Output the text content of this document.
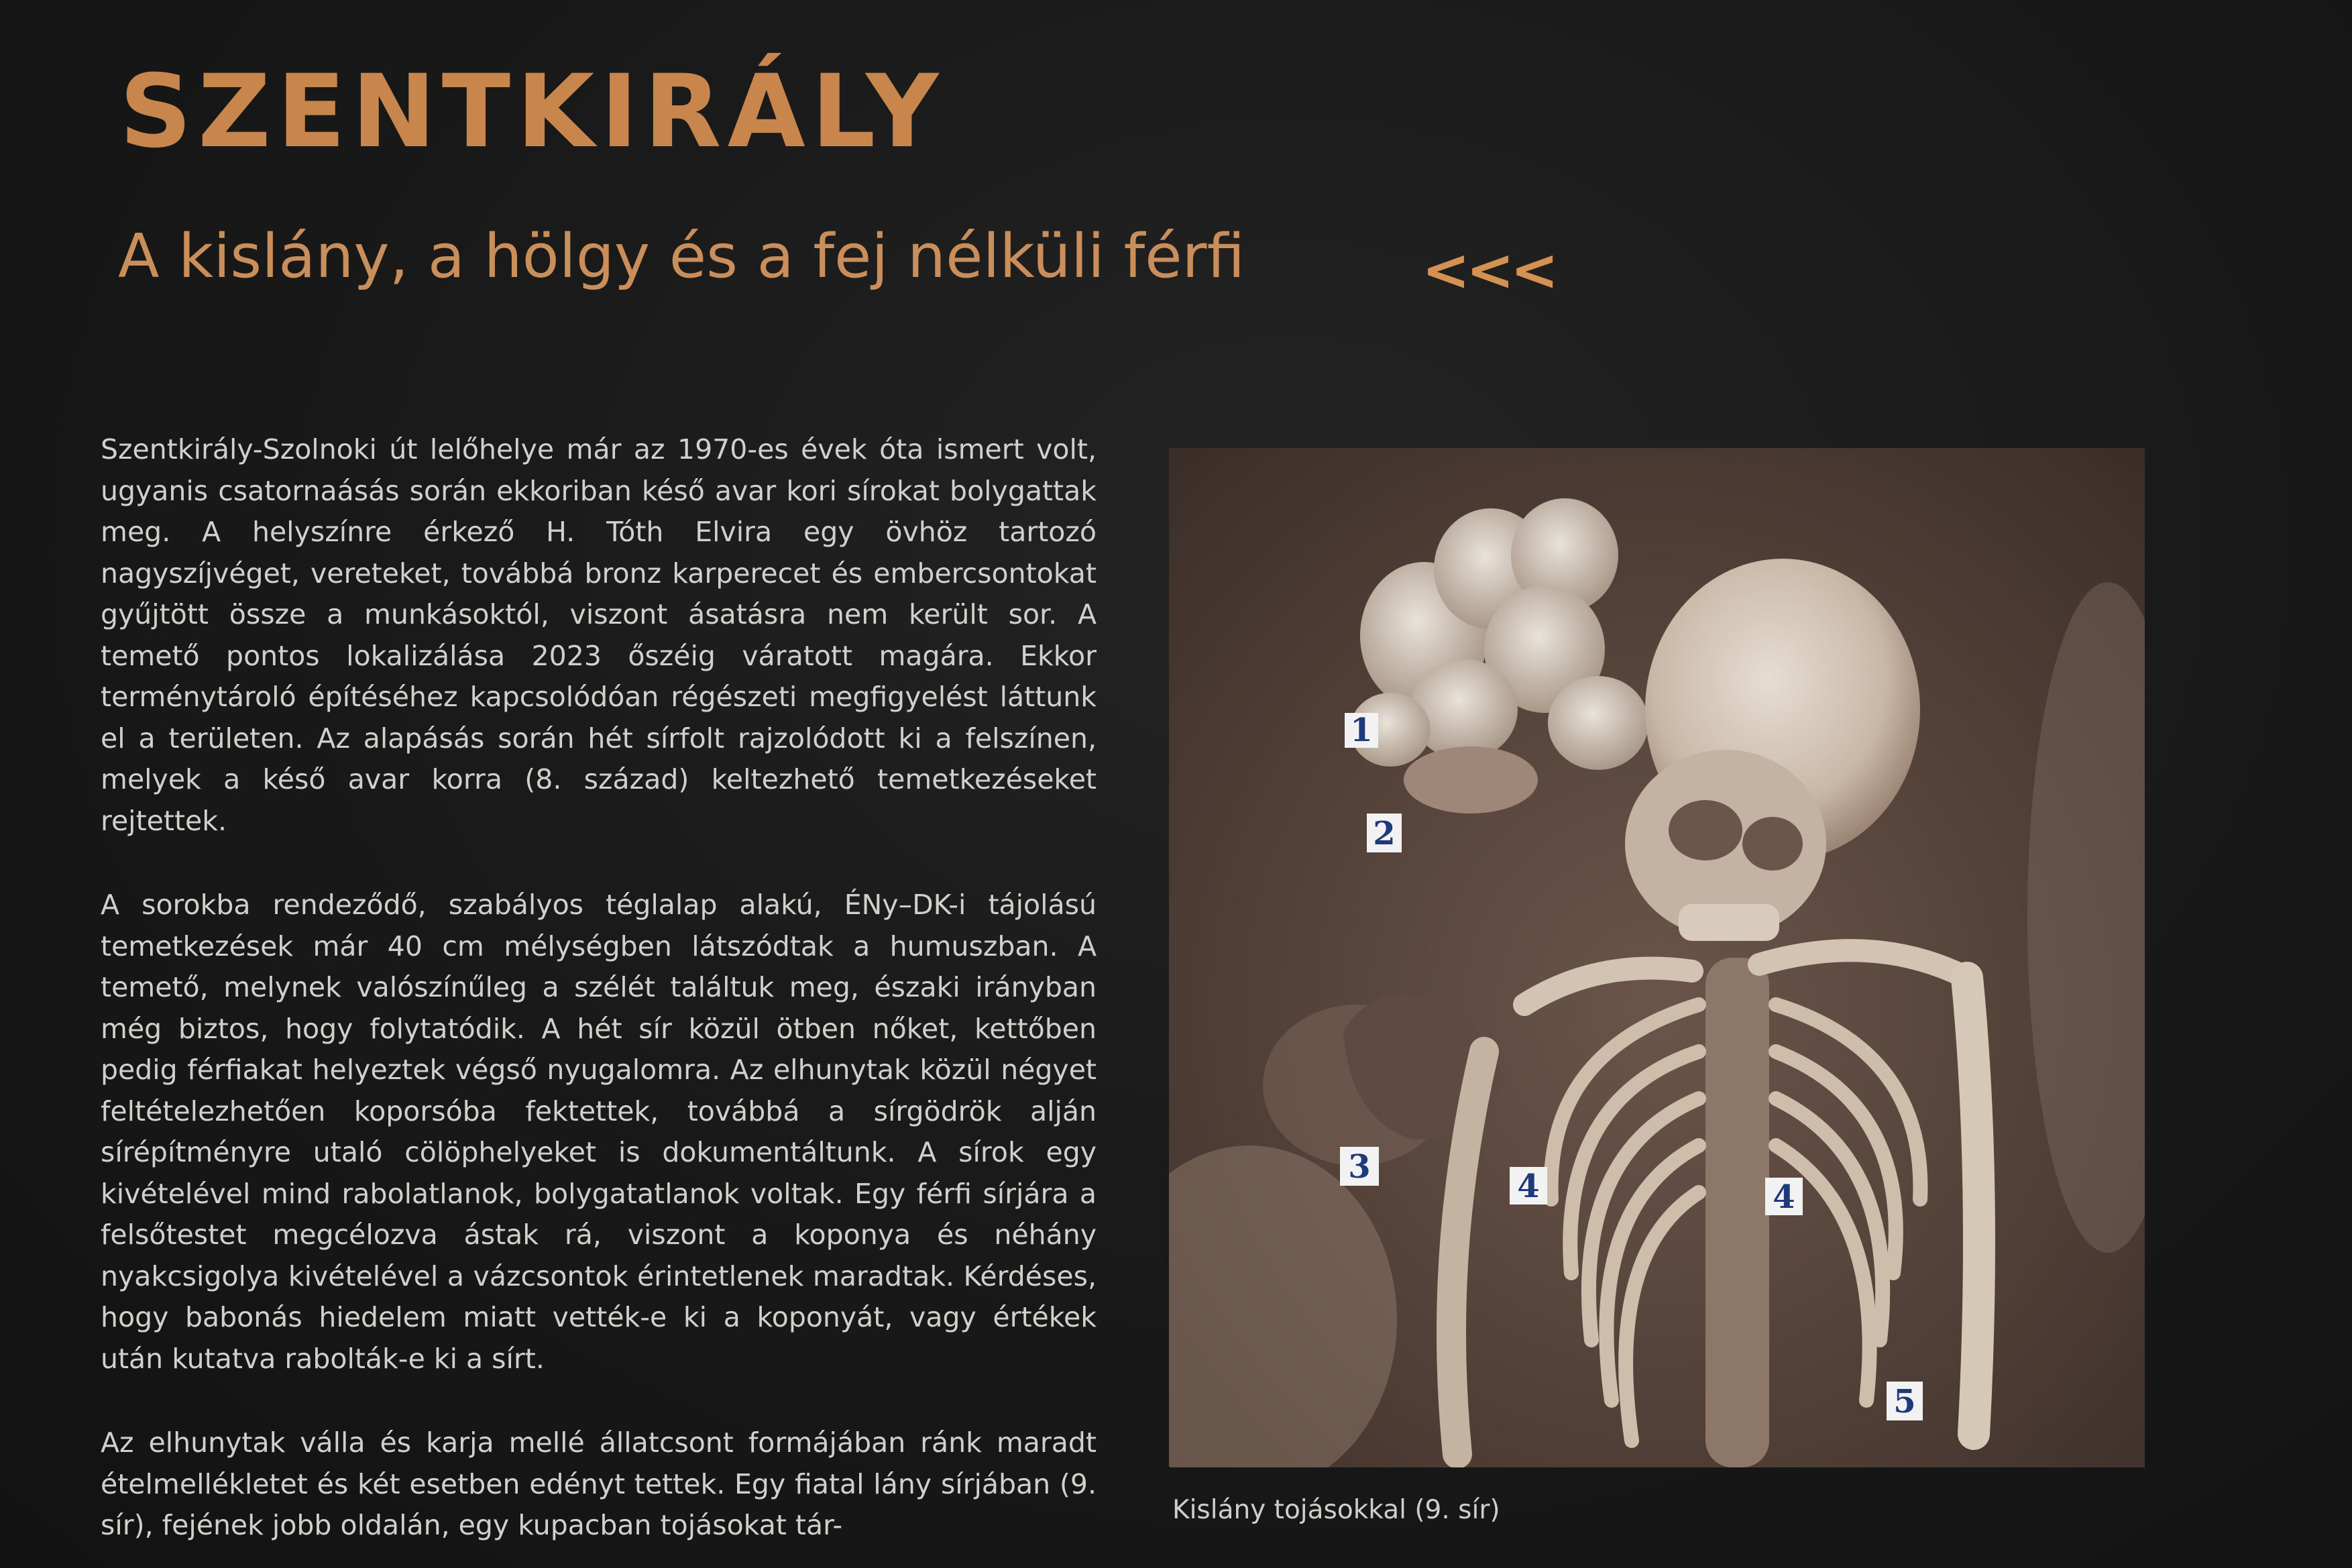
SZENTKIRÁLY
A kislány, a hölgy és a fej nélküli férfi	<<<

Szentkirály-Szolnoki út lelőhelye már az 1970-es évek óta ismert volt, ugyanis csatornaásás során ekkoriban késő avar kori sírokat bolygattak meg. A helyszínre érkező H. Tóth Elvira egy övhöz tartozó nagyszíjvéget, vereteket, továbbá bronz karperecet és embercsontokat gyűjtött össze a munkásoktól, viszont ásatásra nem került sor. A temető pontos lokalizálása 2023 őszéig váratott magára. Ekkor terménytároló építéséhez kapcsolódóan régészeti megfigyelést láttunk el a területen. Az alapásás során hét sírfolt rajzolódott ki a felszínen, melyek a késő avar korra (8. század) keltezhető temetkezéseket rejtettek.

A sorokba rendeződő, szabályos téglalap alakú, ÉNy–DK-i tájolású temetkezések már 40 cm mélységben látszódtak a humuszban. A temető, melynek valószínűleg a szélét találtuk meg, északi irányban még biztos, hogy folytatódik. A hét sír közül ötben nőket, kettőben pedig férfiakat helyeztek végső nyugalomra. Az elhunytak közül négyet feltételezhetően koporsóba fektettek, továbbá a sírgödrök alján sírépítményre utaló cölöphelyeket is dokumentáltunk. A sírok egy kivételével mind rabolatlanok, bolygatatlanok voltak. Egy férfi sírjára a felsőtestet megcélozva ástak rá, viszont a koponya és néhány nyakcsigolya kivételével a vázcsontok érintetlenek maradtak. Kérdéses, hogy babonás hiedelem miatt vették-e ki a koponyát, vagy értékek után kutatva rabolták-e ki a sírt.

Az elhunytak válla és karja mellé állatcsont formájában ránk maradt ételmellékletet és két esetben edényt tettek. Egy fiatal lány sírjában (9. sír), fejének jobb oldalán, egy kupacban tojásokat tár-

1
2
3
4	4
5
Kislány tojásokkal (9. sír)
